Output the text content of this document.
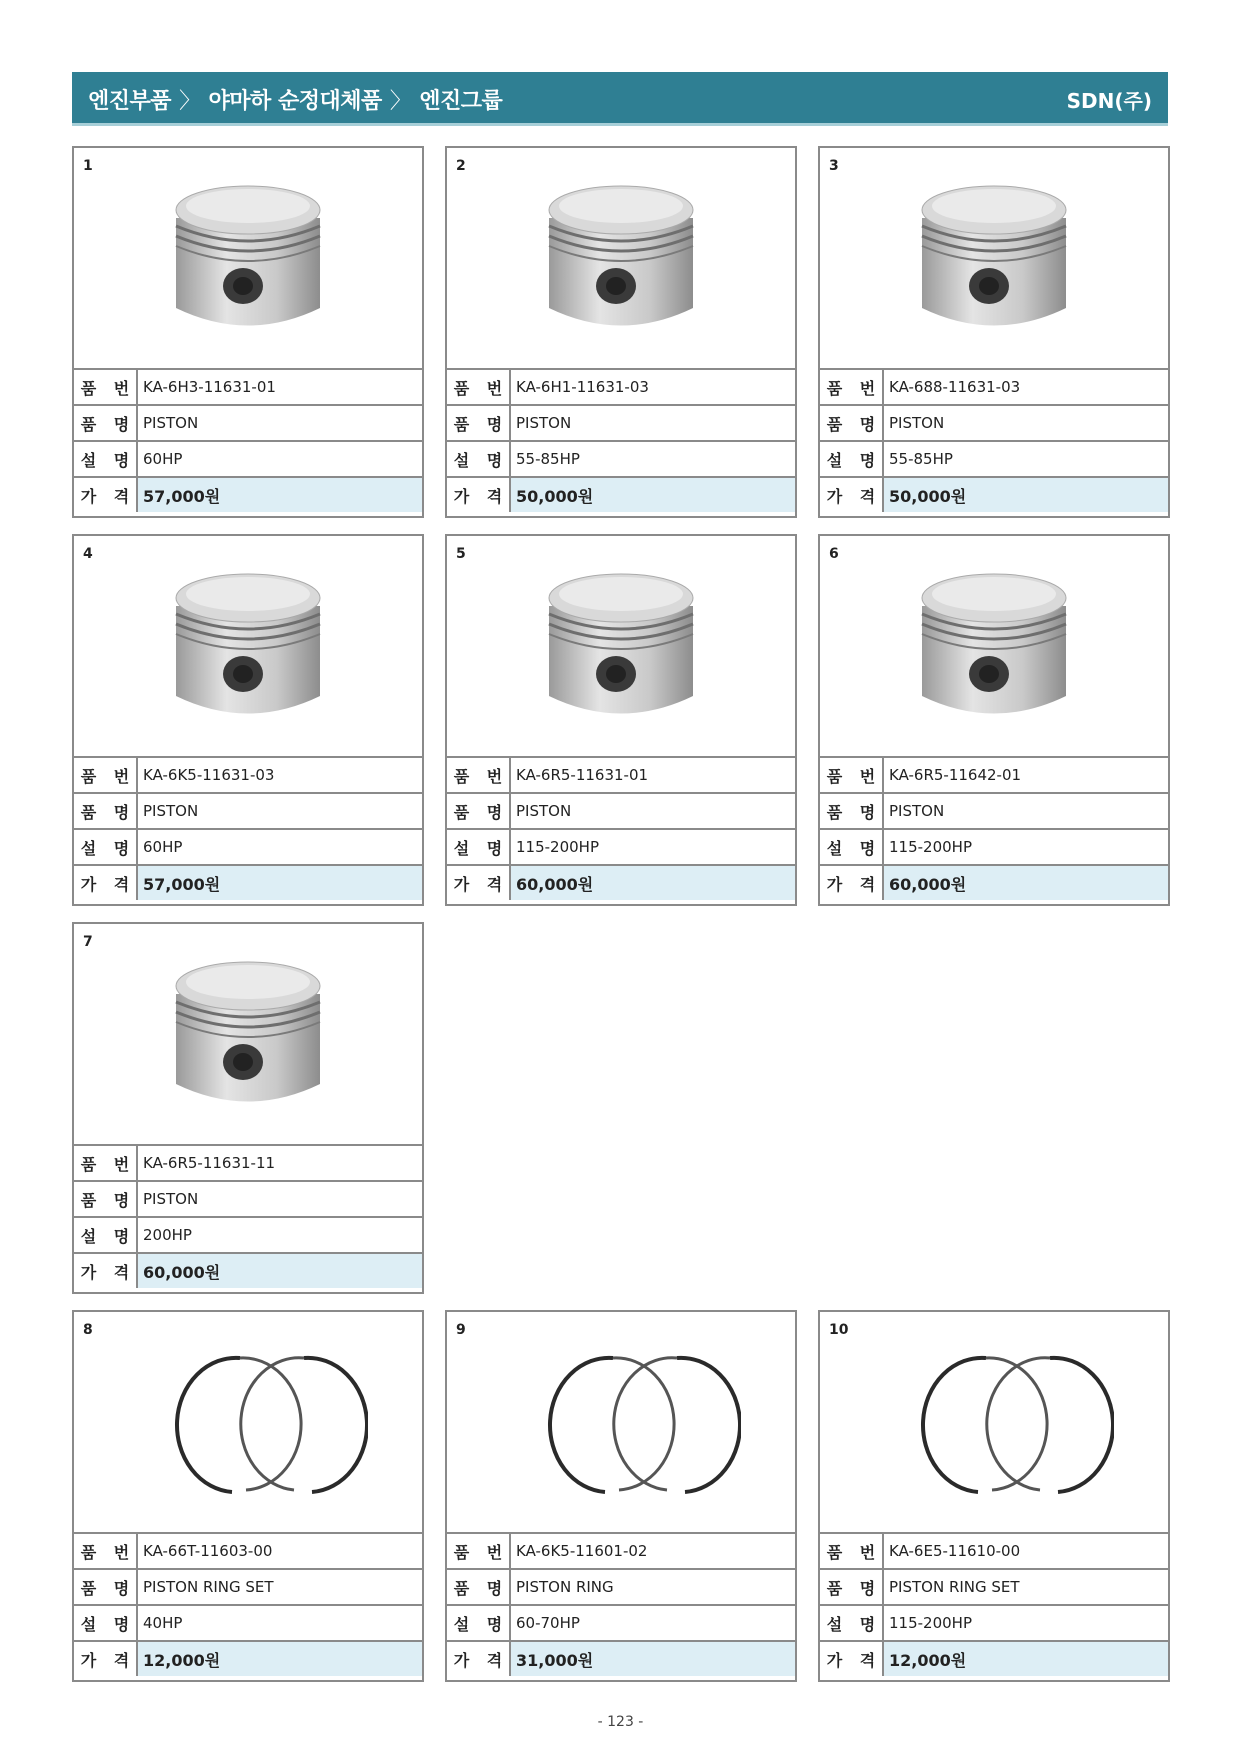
엔진부품 〉 야마하 순정대체품 〉 엔진그룹	SDN(주)
1
품 번	KA-6H3-11631-01
품 명	PISTON
설 명	60HP
가 격	57,000원
2
품 번	KA-6H1-11631-03
품 명	PISTON
설 명	55-85HP
가 격	50,000원
3
품 번	KA-688-11631-03
품 명	PISTON
설 명	55-85HP
가 격	50,000원
4
품 번	KA-6K5-11631-03
품 명	PISTON
설 명	60HP
가 격	57,000원
5
품 번	KA-6R5-11631-01
품 명	PISTON
설 명	115-200HP
가 격	60,000원
6
품 번	KA-6R5-11642-01
품 명	PISTON
설 명	115-200HP
가 격	60,000원
7
품 번	KA-6R5-11631-11
품 명	PISTON
설 명	200HP
가 격	60,000원
8
품 번	KA-66T-11603-00
품 명	PISTON RING SET
설 명	40HP
가 격	12,000원
9
품 번	KA-6K5-11601-02
품 명	PISTON RING
설 명	60-70HP
가 격	31,000원
10
품 번	KA-6E5-11610-00
품 명	PISTON RING SET
설 명	115-200HP
가 격	12,000원
- 123 -
